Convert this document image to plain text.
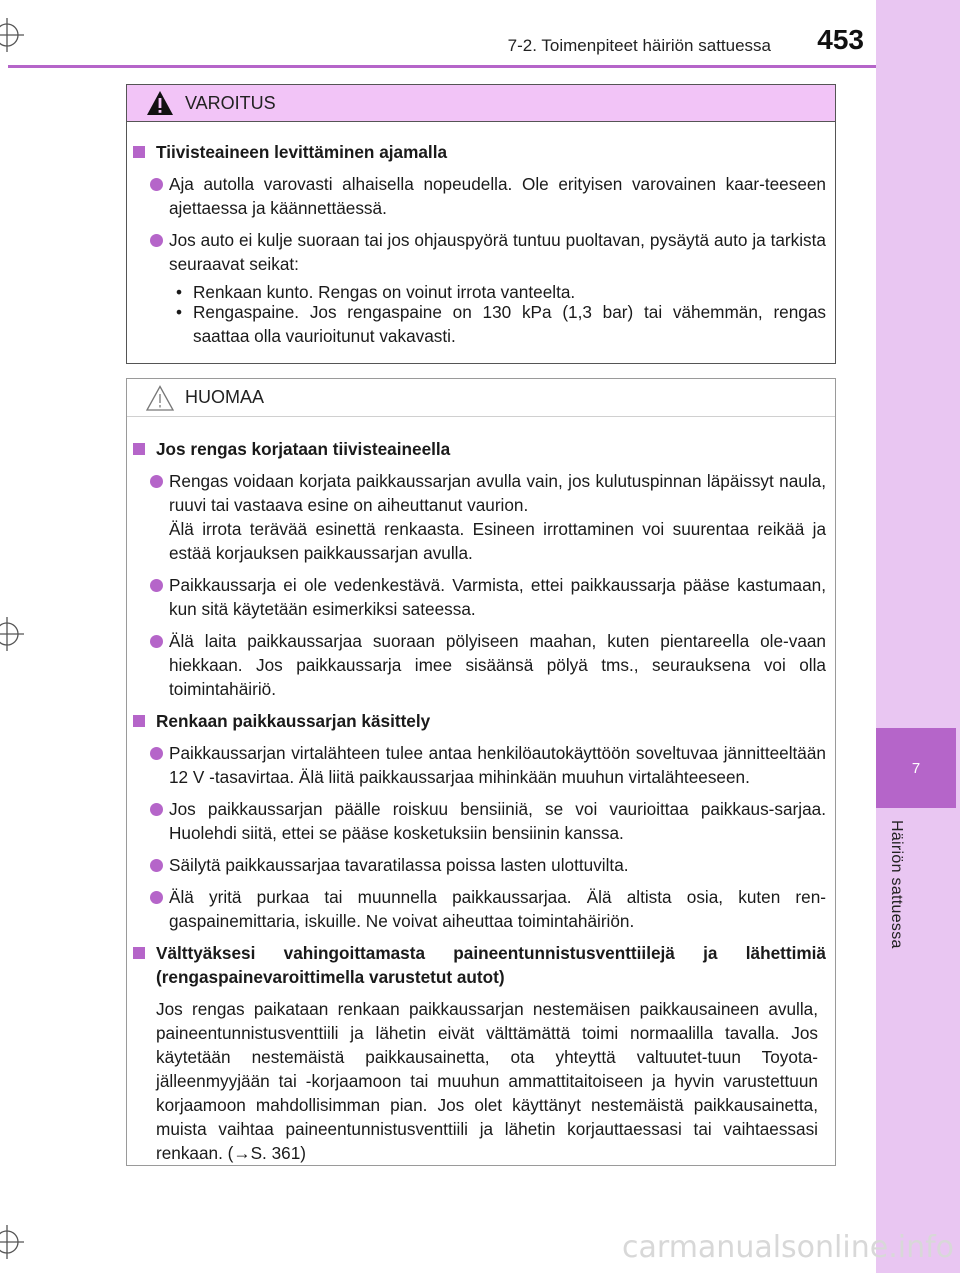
7-2. Toimenpiteet häiriön sattuessa 453
7
Häiriön sattuessa
VAROITUS
Tiivisteaineen levittäminen ajamalla
Aja autolla varovasti alhaisella nopeudella. Ole erityisen varovainen kaar-teeseen ajettaessa ja käännettäessä.
Jos auto ei kulje suoraan tai jos ohjauspyörä tuntuu puoltavan, pysäytä auto ja tarkista seuraavat seikat:
• Renkaan kunto. Rengas on voinut irrota vanteelta.
• Rengaspaine. Jos rengaspaine on 130 kPa (1,3 bar) tai vähemmän, rengas saattaa olla vaurioitunut vakavasti.
HUOMAA
Jos rengas korjataan tiivisteaineella
Rengas voidaan korjata paikkaussarjan avulla vain, jos kulutuspinnan läpäissyt naula, ruuvi tai vastaava esine on aiheuttanut vaurion.
Älä irrota terävää esinettä renkaasta. Esineen irrottaminen voi suurentaa reikää ja estää korjauksen paikkaussarjan avulla.
Paikkaussarja ei ole vedenkestävä. Varmista, ettei paikkaussarja pääse kastumaan, kun sitä käytetään esimerkiksi sateessa.
Älä laita paikkaussarjaa suoraan pölyiseen maahan, kuten pientareella ole-vaan hiekkaan. Jos paikkaussarja imee sisäänsä pölyä tms., seurauksena voi olla toimintahäiriö.
Renkaan paikkaussarjan käsittely
Paikkaussarjan virtalähteen tulee antaa henkilöautokäyttöön soveltuvaa jännitteeltään 12 V -tasavirtaa. Älä liitä paikkaussarjaa mihinkään muuhun virtalähteeseen.
Jos paikkaussarjan päälle roiskuu bensiiniä, se voi vaurioittaa paikkaus-sarjaa. Huolehdi siitä, ettei se pääse kosketuksiin bensiinin kanssa.
Säilytä paikkaussarjaa tavaratilassa poissa lasten ulottuvilta.
Älä yritä purkaa tai muunnella paikkaussarjaa. Älä altista osia, kuten ren-gaspainemittaria, iskuille. Ne voivat aiheuttaa toimintahäiriön.
Välttyäksesi vahingoittamasta paineentunnistusventtiilejä ja lähettimiä (rengaspainevaroittimella varustetut autot)
Jos rengas paikataan renkaan paikkaussarjan nestemäisen paikkausaineen avulla, paineentunnistusventtiili ja lähetin eivät välttämättä toimi normaalilla tavalla. Jos käytetään nestemäistä paikkausainetta, ota yhteyttä valtuutet-tuun Toyota-jälleenmyyjään tai -korjaamoon tai muuhun ammattitaitoiseen ja hyvin varustettuun korjaamoon mahdollisimman pian. Jos olet käyttänyt nestemäistä paikkausainetta, muista vaihtaa paineentunnistusventtiili ja lähetin korjauttaessasi tai vaihtaessasi renkaan. (→S. 361)
carmanualsonline.info
